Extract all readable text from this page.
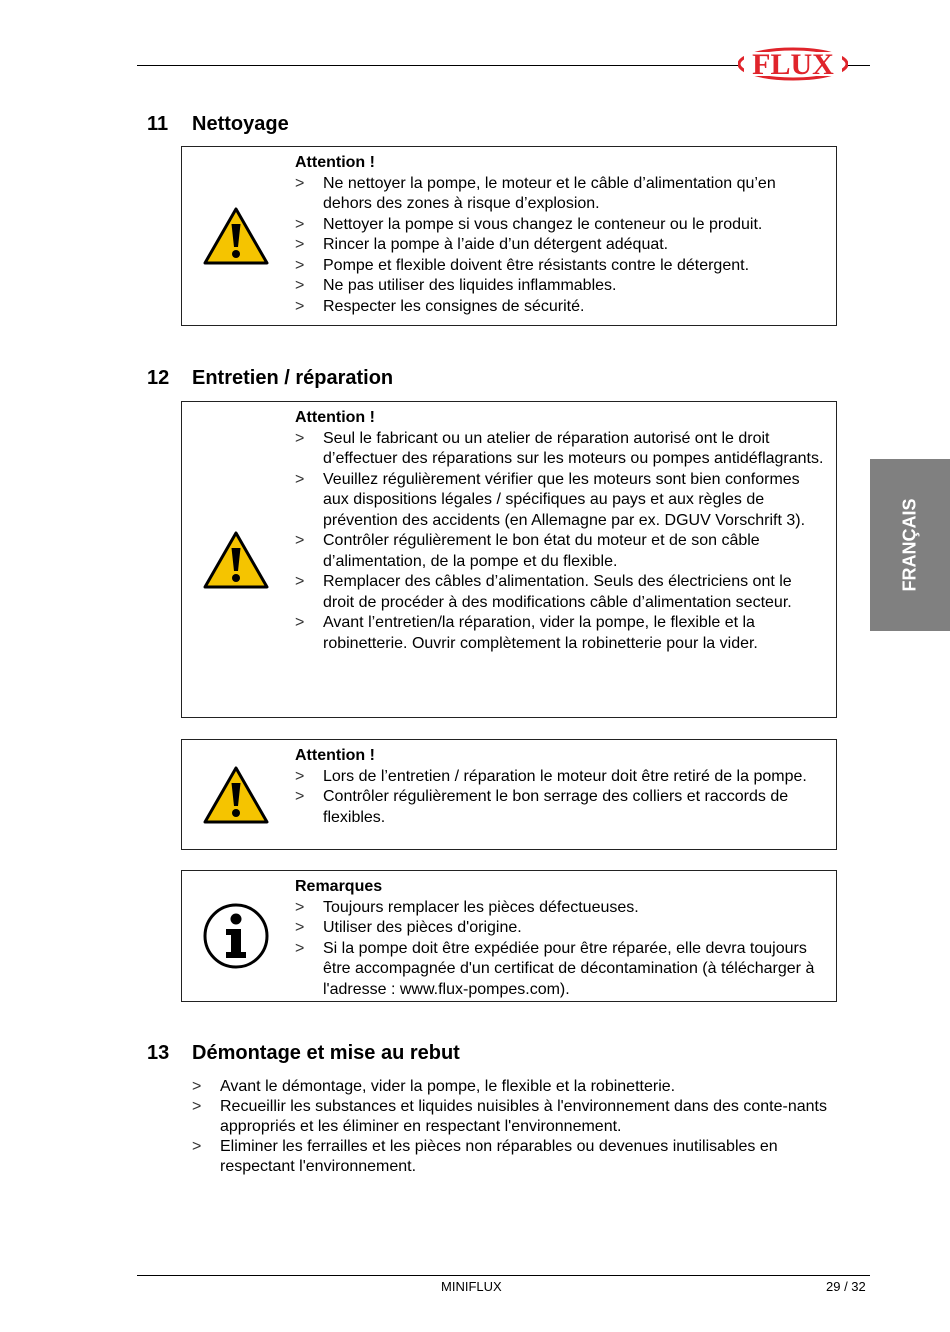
FLUX
11 Nettoyage
Attention !
>	Ne nettoyer la pompe, le moteur et le câble d’alimentation qu’en dehors des zones à risque d’explosion.
>	Nettoyer la pompe si vous changez le conteneur ou le produit.
>	Rincer la pompe à l’aide d’un détergent adéquat.
>	Pompe et flexible doivent être résistants contre le détergent.
>	Ne pas utiliser des liquides inflammables.
>	Respecter les consignes de sécurité.
12 Entretien / réparation
Attention !
>	Seul le fabricant ou un atelier de réparation autorisé ont le droit d’effectuer des réparations sur les moteurs ou pompes antidéflagrants.
>	Veuillez régulièrement vérifier que les moteurs sont bien conformes aux dispositions légales / spécifiques au pays et aux règles de prévention des accidents (en Allemagne par ex. DGUV Vorschrift 3).
>	Contrôler régulièrement le bon état du moteur et de son câble d’alimentation, de la pompe et du flexible.
>	Remplacer des câbles d’alimentation. Seuls des électriciens ont le droit de procéder à des modifications câble d’alimentation secteur.
>	Avant l’entretien/la réparation, vider la pompe, le flexible et la robinetterie. Ouvrir complètement la robinetterie pour la vider.
Attention !
>	Lors de l’entretien / réparation le moteur doit être retiré de la pompe.
>	Contrôler régulièrement le bon serrage des colliers et raccords de flexibles.
Remarques
>	Toujours remplacer les pièces défectueuses.
>	Utiliser des pièces d'origine.
>	Si la pompe doit être expédiée pour être réparée, elle devra toujours être accompagnée d'un certificat de décontamination (à télécharger à l'adresse : www.flux-pompes.com).
13 Démontage et mise au rebut
>	Avant le démontage, vider la pompe, le flexible et la robinetterie.
>	Recueillir les substances et liquides nuisibles à l'environnement dans des conte-nants appropriés et les éliminer en respectant l'environnement.
>	Eliminer les ferrailles et les pièces non réparables ou devenues inutilisables en respectant l'environnement.
FRANÇAIS
MINIFLUX	29 / 32
